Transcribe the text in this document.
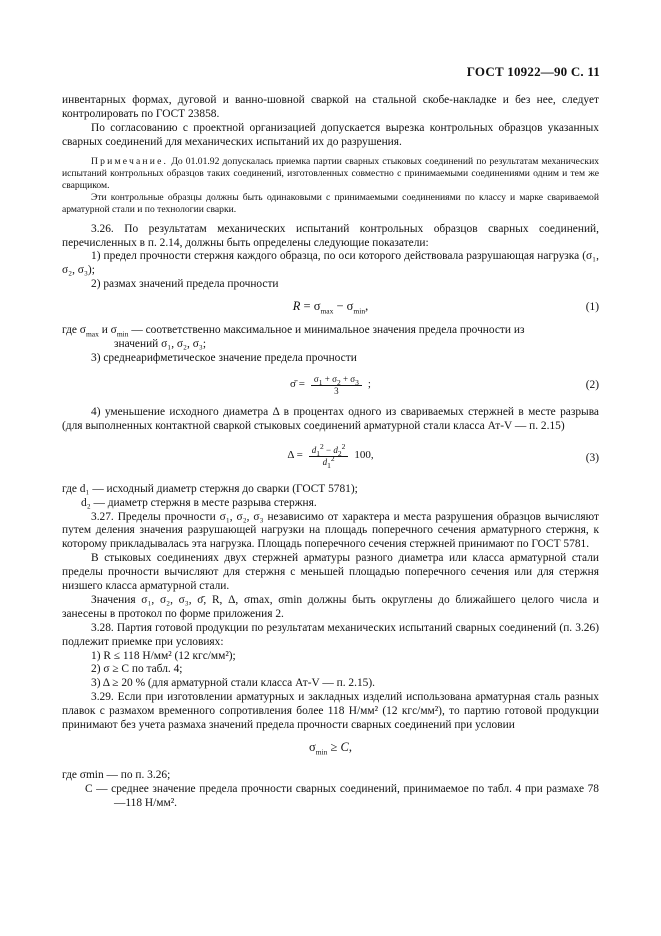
ГОСТ 10922—90 С. 11

инвентарных формах, дуговой и ванно-шовной сваркой на стальной скобе-накладке и без нее, следует контролировать по ГОСТ 23858.

По согласованию с проектной организацией допускается вырезка контрольных образцов указанных сварных соединений для механических испытаний их до разрушения.

Примечание. До 01.01.92 допускалась приемка партии сварных стыковых соединений по результатам механических испытаний контрольных образцов таких соединений, изготовленных совместно с принимаемыми соединениями одним и тем же сварщиком.

Эти контрольные образцы должны быть одинаковыми с принимаемыми соединениями по классу и марке свариваемой арматурной стали и по технологии сварки.

3.26. По результатам механических испытаний контрольных образцов сварных соединений, перечисленных в п. 2.14, должны быть определены следующие показатели:

1) предел прочности стержня каждого образца, по оси которого действовала разрушающая нагрузка (σ₁, σ₂, σ₃);

2) размах значений предела прочности

$R = \sigma_{max} - \sigma_{min}$,	(1)

где $\sigma_{max}$ и $\sigma_{min}$ — соответственно максимальное и минимальное значения предела прочности из

значений σ₁, σ₂, σ₃;

3) среднеарифметическое значение предела прочности

σ̄ = $\frac{\sigma_1 + \sigma_2 + \sigma_3}{3}$ ;	(2)

4) уменьшение исходного диаметра Δ в процентах одного из свариваемых стержней в месте разрыва (для выполненных контактной сваркой стыковых соединений арматурной стали класса Ат-V — п. 2.15)

$\Delta = \frac{d_1^2 - d_2^2}{d_1^2} 100$,	(3)

где d₁ — исходный диаметр стержня до сварки (ГОСТ 5781);

d₂ — диаметр стержня в месте разрыва стержня.

3.27. Пределы прочности σ₁, σ₂, σ₃ независимо от характера и места разрушения образцов вычисляют путем деления значения разрушающей нагрузки на площадь поперечного сечения арматурного стержня, к которому прикладывалась эта нагрузка. Площадь поперечного сечения стержней принимают по ГОСТ 5781.

В стыковых соединениях двух стержней арматуры разного диаметра или класса арматурной стали пределы прочности вычисляют для стержня с меньшей площадью поперечного сечения или для стержня низшего класса арматурной стали.

Значения σ₁, σ₂, σ₃, σ̄, R, Δ, σmax, σmin должны быть округлены до ближайшего целого числа и занесены в протокол по форме приложения 2.

3.28. Партия готовой продукции по результатам механических испытаний сварных соединений (п. 3.26) подлежит приемке при условиях:

1) R ≤ 118 Н/мм² (12 кгс/мм²);

2) σ ≥ C по табл. 4;

3) Δ ≥ 20 % (для арматурной стали класса Ат-V — п. 2.15).

3.29. Если при изготовлении арматурных и закладных изделий использована арматурная сталь разных плавок с размахом временного сопротивления более 118 Н/мм² (12 кгс/мм²), то партию готовой продукции принимают без учета размаха значений предела прочности сварных соединений при условии

$\sigma_{min} \ge C$,

где σmin — по п. 3.26;

C — среднее значение предела прочности сварных соединений, принимаемое по табл. 4 при размахе 78—118 Н/мм².
